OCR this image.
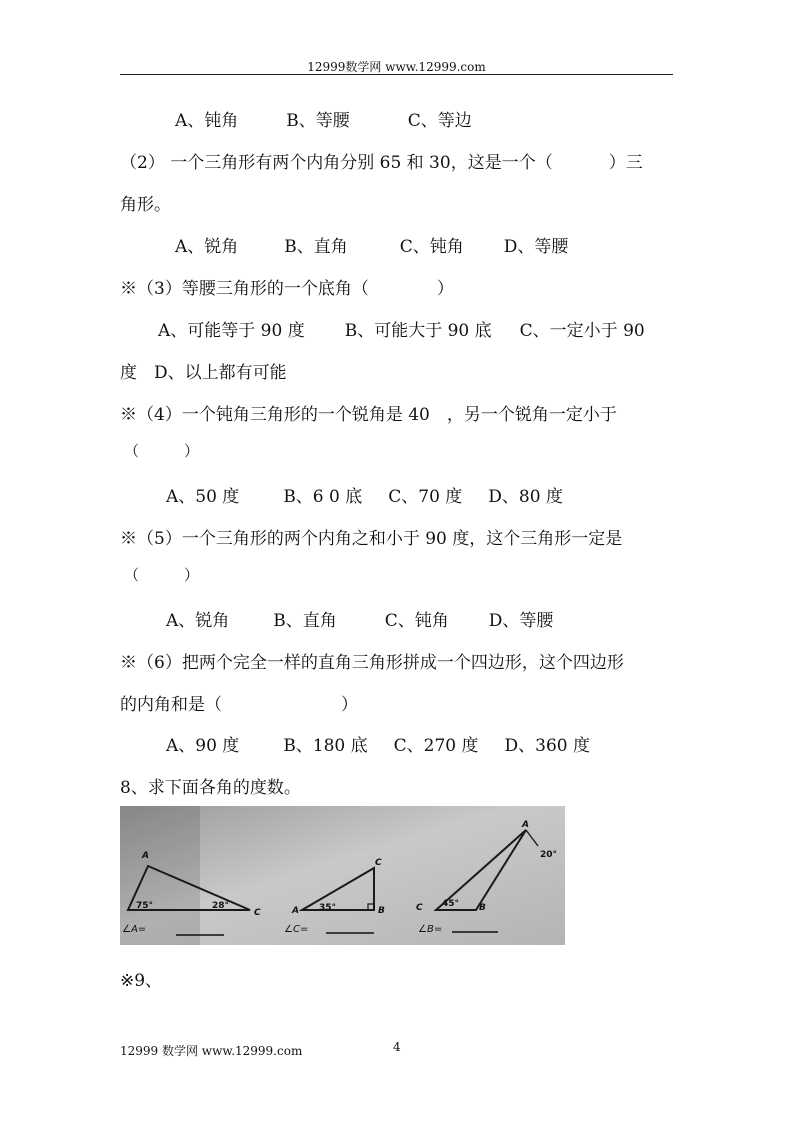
12999数学网 www.12999.com
A、钝角	B、等腰	C、等边
（2） 一个三角形有两个内角分别 65 和 30，这是一个（	）三
角形。
A、锐角	B、直角	C、钝角 D、等腰
※（3）等腰三角形的一个底角（　　　　）
A、可能等于 90 度 B、可能大于 90 底 C、一定小于 90
度　D、以上都有可能
※（4）一个钝角三角形的一个锐角是 40　，另一个锐角一定小于
（　　　）
A、50 度	B、6 0 底 C、70 度 D、80 度
※（5）一个三角形的两个内角之和小于 90 度，这个三角形一定是
（　　　）
A、锐角	B、直角	C、钝角 D、等腰
※（6）把两个完全一样的直角三角形拼成一个四边形，这个四边形
的内角和是（　　　　　　　）
A、90 度	B、180 底 C、270 度 D、360 度
8、求下面各角的度数。
A
C
75°	28°
∠A=
C
A	B
35°
∠C=
A
20°
C	B
45°
∠B=
※9、
12999 数学网 www.12999.com	4
